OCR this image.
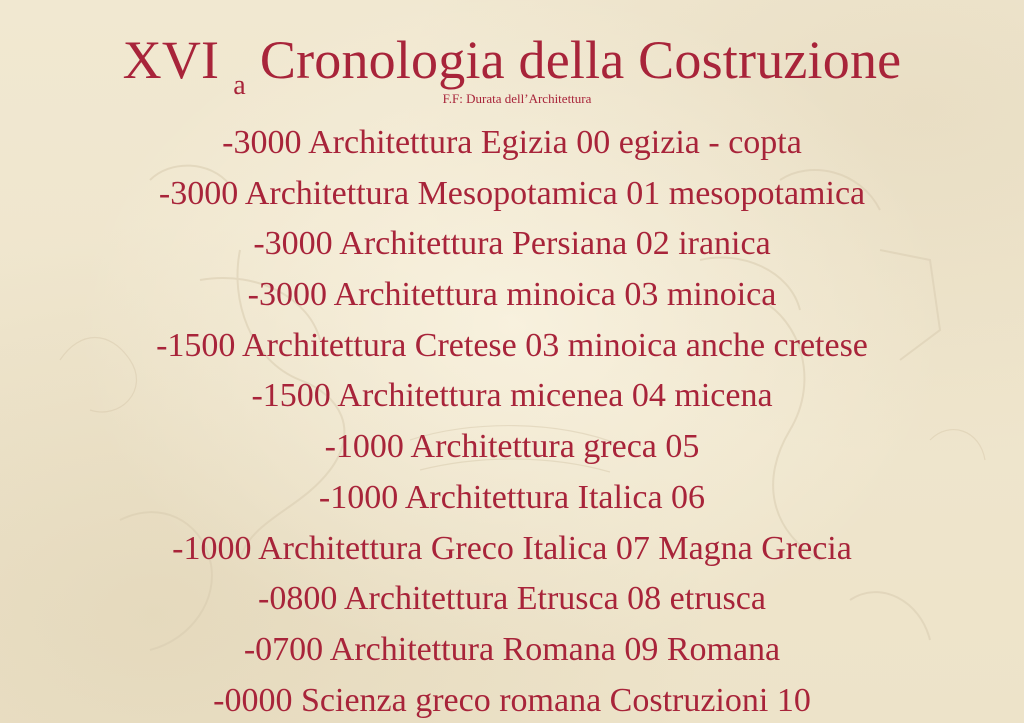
XVI a Cronologia della Costruzione
F.F: Durata dell’Architettura
-3000 Architettura Egizia 00 egizia - copta
-3000 Architettura Mesopotamica 01 mesopotamica
-3000 Architettura Persiana 02 iranica
-3000 Architettura minoica 03 minoica
-1500 Architettura Cretese 03 minoica anche cretese
-1500 Architettura micenea 04 micena
-1000 Architettura greca 05
-1000 Architettura Italica 06
-1000 Architettura Greco Italica 07 Magna Grecia
-0800 Architettura Etrusca 08 etrusca
-0700 Architettura Romana 09 Romana
-0000 Scienza greco romana Costruzioni 10
